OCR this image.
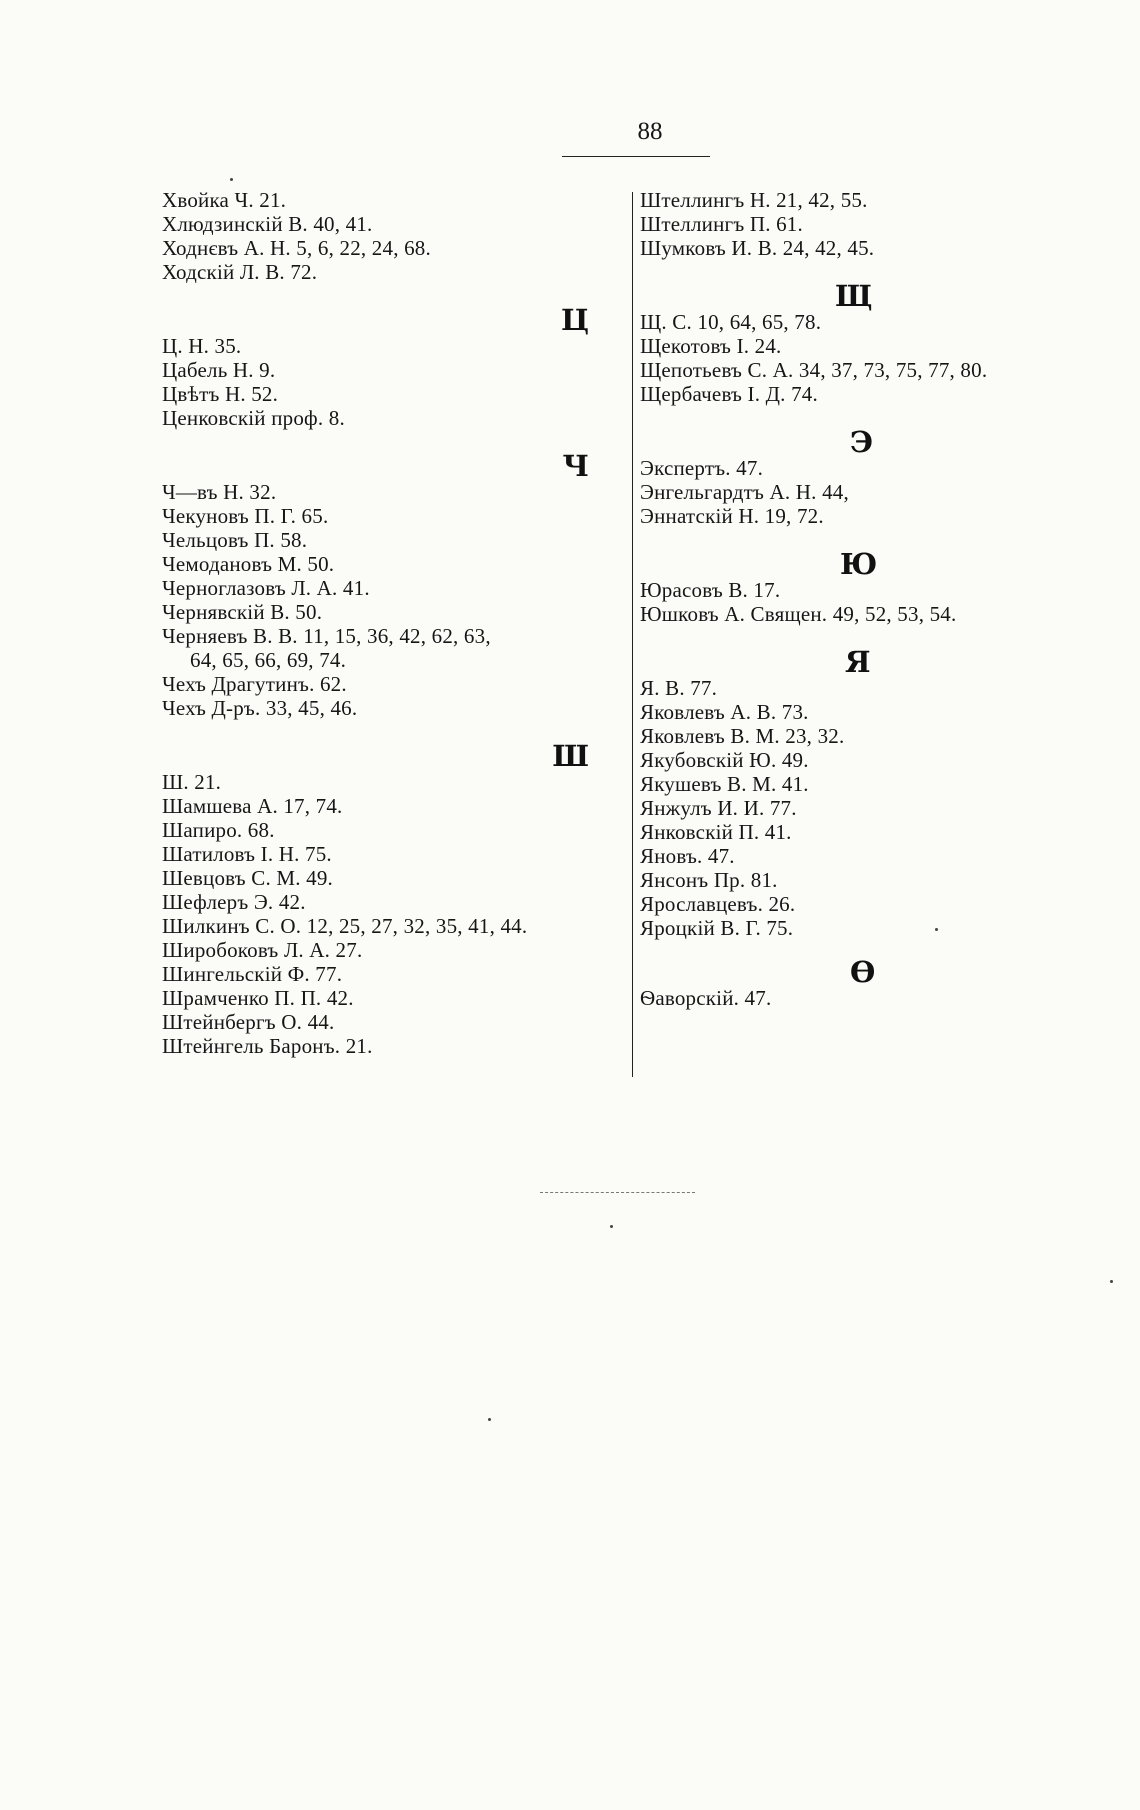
88

Хвойка Ч. 21.

Хлюдзинскій В. 40, 41.

Ходнєвъ А. Н. 5, 6, 22, 24, 68.

Ходскій Л. В. 72.

Ц

Ц. Н. 35.

Цабель Н. 9.

Цвѣтъ Н. 52.

Ценковскій проф. 8.

Ч

Ч—въ Н. 32.

Чекуновъ П. Г. 65.

Чельцовъ П. 58.

Чемодановъ М. 50.

Черноглазовъ Л. А. 41.

Чернявскій В. 50.

Черняевъ В. В. 11, 15, 36, 42, 62, 63,

64, 65, 66, 69, 74.

Чехъ Драгутинъ. 62.

Чехъ Д-ръ. 33, 45, 46.

Ш

Ш. 21.

Шамшева А. 17, 74.

Шапиро. 68.

Шатиловъ І. Н. 75.

Шевцовъ С. М. 49.

Шефлеръ Э. 42.

Шилкинъ С. О. 12, 25, 27, 32, 35, 41, 44.

Широбоковъ Л. А. 27.

Шингельскій Ф. 77.

Шрамченко П. П. 42.

Штейнбергъ О. 44.

Штейнгель Баронъ. 21.

Штеллингъ Н. 21, 42, 55.

Штеллингъ П. 61.

Шумковъ И. В. 24, 42, 45.

Щ

Щ. С. 10, 64, 65, 78.

Щекотовъ І. 24.

Щепотьевъ С. А. 34, 37, 73, 75, 77, 80.

Щербачевъ І. Д. 74.

Э

Экспертъ. 47.

Энгельгардтъ А. Н. 44,

Эннатскій Н. 19, 72.

Ю

Юрасовъ В. 17.

Юшковъ А. Священ. 49, 52, 53, 54.

Я

Я. В. 77.

Яковлевъ А. В. 73.

Яковлевъ В. М. 23, 32.

Якубовскій Ю. 49.

Якушевъ В. М. 41.

Янжулъ И. И. 77.

Янковскій П. 41.

Яновъ. 47.

Янсонъ Пр. 81.

Ярославцевъ. 26.

Яроцкій В. Г. 75.

Ѳ

Ѳаворскій. 47.
